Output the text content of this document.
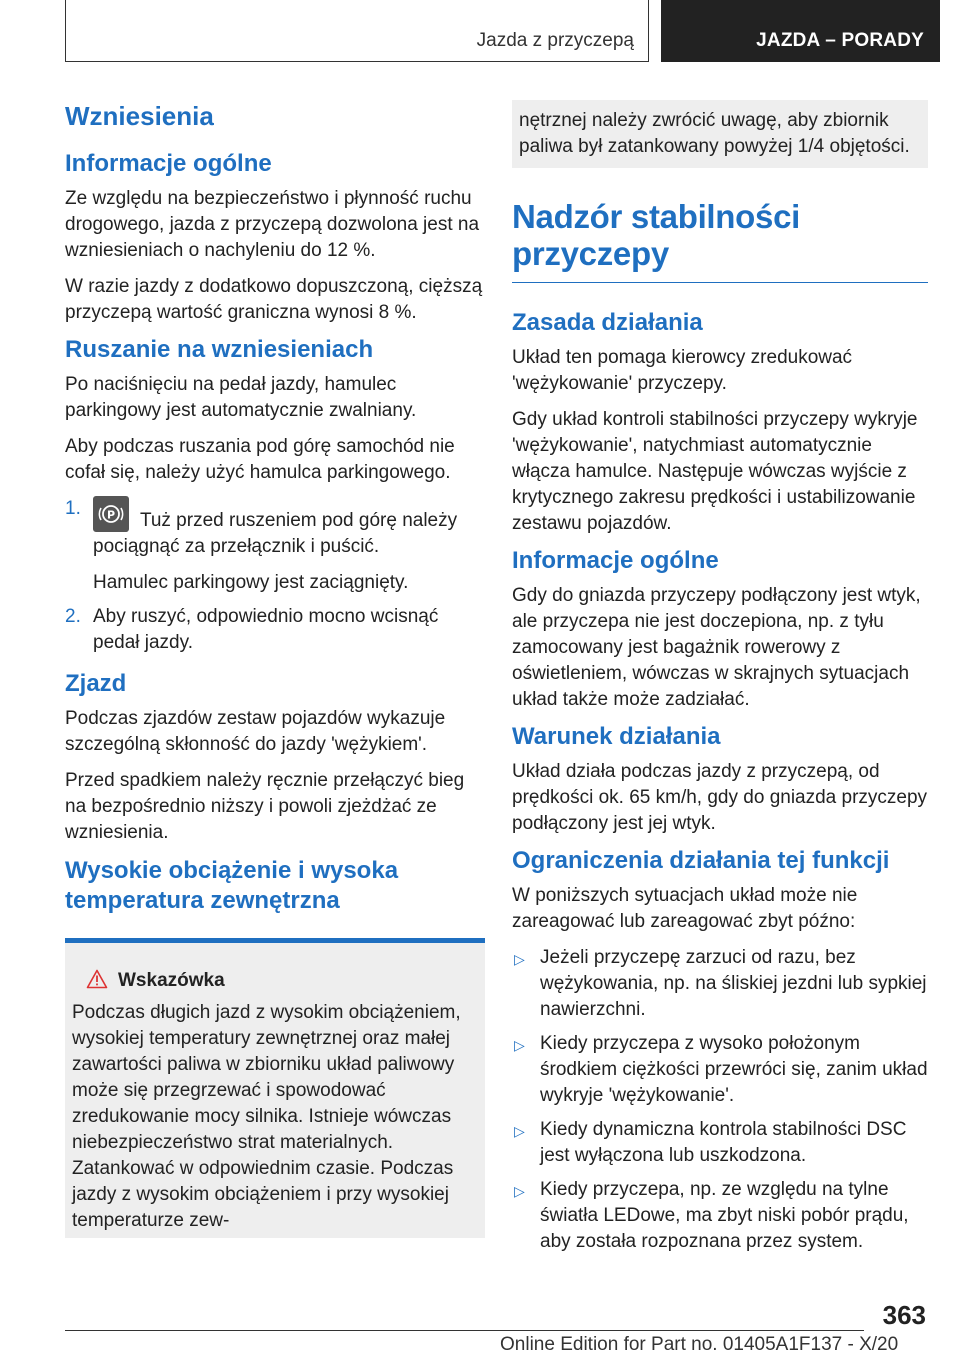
Jazda z przyczepą	JAZDA – PORADY
Wzniesienia
Informacje ogólne

Ze względu na bezpieczeństwo i płynność ruchu drogowego, jazda z przyczepą dozwolona jest na wzniesieniach o nachyleniu do 12 %.

W razie jazdy z dodatkowo dopuszczoną, cięższą przyczepą wartość graniczna wynosi 8 %.

Ruszanie na wzniesieniach

Po naciśnięciu na pedał jazdy, hamulec parkingowy jest automatycznie zwalniany.

Aby podczas ruszania pod górę samochód nie cofał się, należy użyć hamulca parkingowego.

1. P Tuż przed ruszeniem pod górę należy pociągnąć za przełącznik i puścić.
Hamulec parkingowy jest zaciągnięty.
2. Aby ruszyć, odpowiednio mocno wcisnąć pedał jazdy.
Zjazd

Podczas zjazdów zestaw pojazdów wykazuje szczególną skłonność do jazdy 'wężykiem'.

Przed spadkiem należy ręcznie przełączyć bieg na bezpośrednio niższy i powoli zjeżdżać ze wzniesienia.

Wysokie obciążenie i wysoka temperatura zewnętrzna
Wskazówka

Podczas długich jazd z wysokim obciążeniem, wysokiej temperatury zewnętrznej oraz małej zawartości paliwa w zbiorniku układ paliwowy może się przegrzewać i spowodować zredukowanie mocy silnika. Istnieje wówczas niebezpieczeństwo strat materialnych. Zatankować w odpowiednim czasie. Podczas jazdy z wysokim obciążeniem i przy wysokiej temperaturze zew-

nętrznej należy zwrócić uwagę, aby zbiornik paliwa był zatankowany powyżej 1/4 objętości.

Nadzór stabilności przyczepy
Zasada działania

Układ ten pomaga kierowcy zredukować 'wężykowanie' przyczepy.

Gdy układ kontroli stabilności przyczepy wykryje 'wężykowanie', natychmiast automatycznie włącza hamulce. Następuje wówczas wyjście z krytycznego zakresu prędkości i ustabilizowanie zestawu pojazdów.

Informacje ogólne

Gdy do gniazda przyczepy podłączony jest wtyk, ale przyczepa nie jest doczepiona, np. z tyłu zamocowany jest bagażnik rowerowy z oświetleniem, wówczas w skrajnych sytuacjach układ także może zadziałać.

Warunek działania

Układ działa podczas jazdy z przyczepą, od prędkości ok. 65 km/h, gdy do gniazda przyczepy podłączony jest jej wtyk.

Ograniczenia działania tej funkcji

W poniższych sytuacjach układ może nie zareagować lub zareagować zbyt późno:

▷ Jeżeli przyczepę zarzuci od razu, bez wężykowania, np. na śliskiej jezdni lub sypkiej nawierzchni.
▷ Kiedy przyczepa z wysoko położonym środkiem ciężkości przewróci się, zanim układ wykryje 'wężykowanie'.
▷ Kiedy dynamiczna kontrola stabilności DSC jest wyłączona lub uszkodzona.
▷ Kiedy przyczepa, np. ze względu na tylne światła LEDowe, ma zbyt niski pobór prądu, aby została rozpoznana przez system.
363
Online Edition for Part no. 01405A1F137 - X/20
